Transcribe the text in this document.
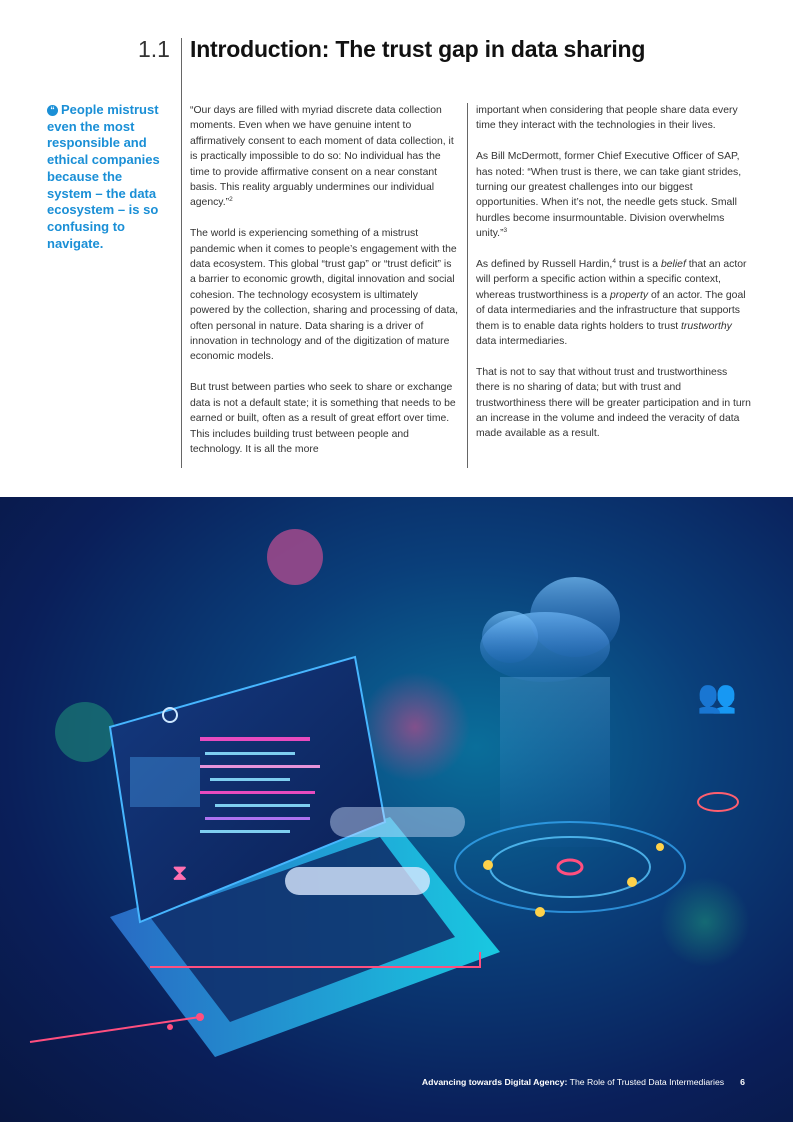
1.1 Introduction: The trust gap in data sharing
“ People mistrust even the most responsible and ethical companies because the system – the data ecosystem – is so confusing to navigate.

“Our days are filled with myriad discrete data collection moments. Even when we have genuine intent to affirmatively consent to each moment of data collection, it is practically impossible to do so: No individual has the time to provide affirmative consent on a near constant basis. This reality arguably undermines our individual agency.”$^2$

The world is experiencing something of a mistrust pandemic when it comes to people’s engagement with the data ecosystem. This global “trust gap” or “trust deficit” is a barrier to economic growth, digital innovation and social cohesion. The technology ecosystem is ultimately powered by the collection, sharing and processing of data, often personal in nature. Data sharing is a driver of innovation in technology and of the digitization of mature economic models.

But trust between parties who seek to share or exchange data is not a default state; it is something that needs to be earned or built, often as a result of great effort over time. This includes building trust between people and technology. It is all the more

important when considering that people share data every time they interact with the technologies in their lives.

As Bill McDermott, former Chief Executive Officer of SAP, has noted: “When trust is there, we can take giant strides, turning our greatest challenges into our biggest opportunities. When it’s not, the needle gets stuck. Small hurdles become insurmountable. Division overwhelms unity.”$^3$

As defined by Russell Hardin,$^4$ trust is a belief that an actor will perform a specific action within a specific context, whereas trustworthiness is a property of an actor. The goal of data intermediaries and the infrastructure that supports them is to enable data rights holders to trust trustworthy data intermediaries.

That is not to say that without trust and trustworthiness there is no sharing of data; but with trust and trustworthiness there will be greater participation and in turn an increase in the volume and indeed the veracity of data made available as a result.

⧗
👥
Advancing towards Digital Agency: The Role of Trusted Data Intermediaries 6
